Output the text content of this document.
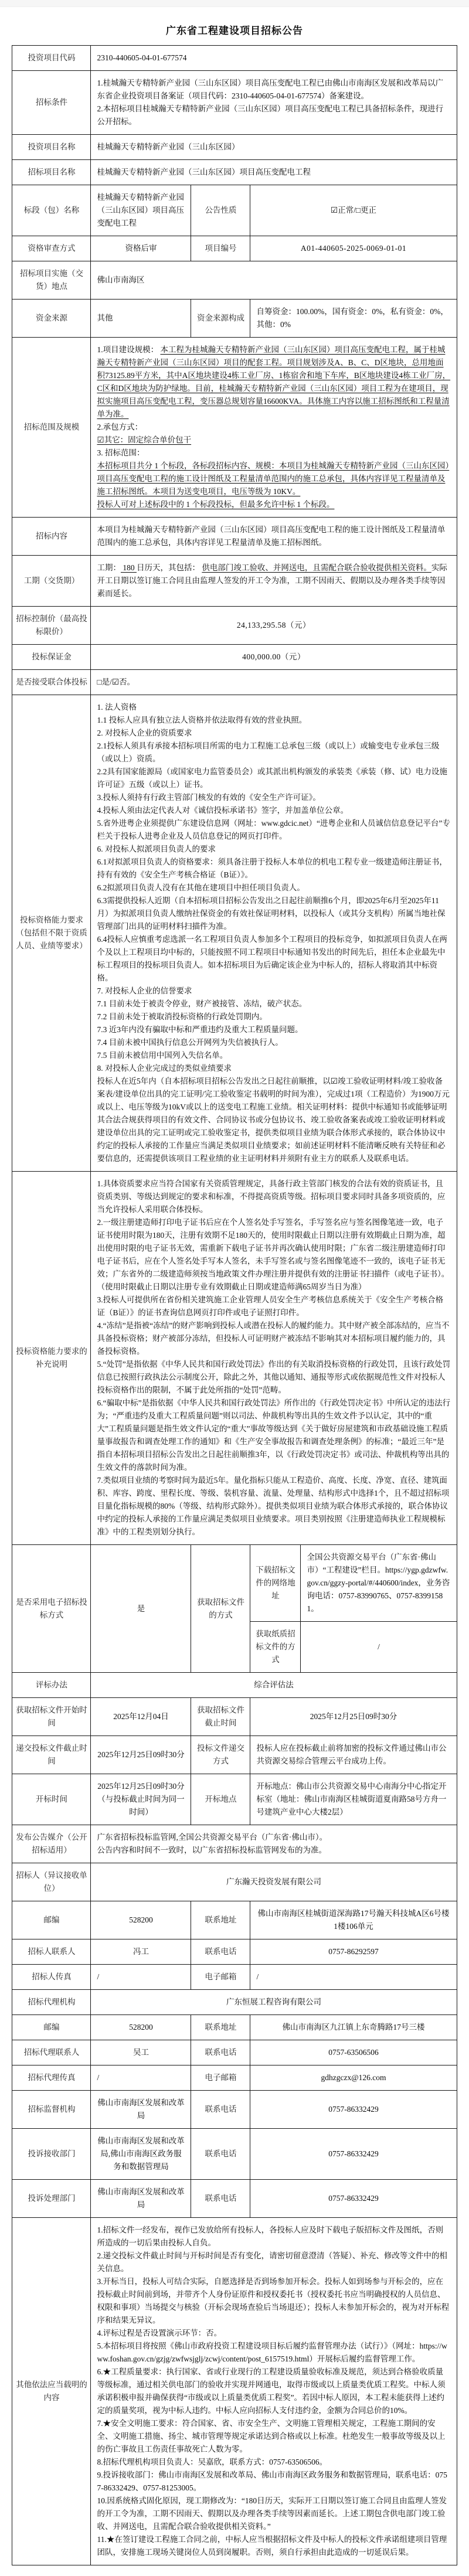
广东省工程建设项目招标公告
投资项目代码	2310-440605-04-01-677574			
招标条件	1.桂城瀚天专精特新产业园（三山东区园）项目高压变配电工程已由佛山市南海区发展和改革局以广东省企业投资项目备案证（项目代码：2310-440605-04-01-677574）备案建设。

2.本招标项目桂城瀚天专精特新产业园（三山东区园）项目高压变配电工程已具备招标条件，现进行公开招标。			

投资项目名称	桂城瀚天专精特新产业园（三山东区园）			
招标项目名称	桂城瀚天专精特新产业园（三山东区园）项目高压变配电工程			
标段（包）名称	桂城瀚天专精特新产业园（三山东区园）项目高压变配电工程	公告性质	☑正常/□更正	
资格审查方式	资格后审	项目编号	A01-440605-2025-0069-01-01	
招标项目实施（交货）地点	佛山市南海区			
资金来源	其他	资金来源构成	自筹资金：100.00%，国有资金：0%，私有资金：0%，其他：0%	
招标范围及规模	

1.项目建设规模： 本工程为桂城瀚天专精特新产业园（三山东区园）项目高压变配电工程，属于桂城瀚天专精特新产业园（三山东区园）项目的配套工程。项目规划涉及A、B、C、D区地块，总用地面积73125.89平方米，其中A区地块建设4栋工业厂房、1栋宿舍和地下车库，B区地块建设4栋工业厂房，C区和D区地块为防护绿地。目前，桂城瀚天专精特新产业园（三山东区园）项目工程为在建项目，现拟实施项目高压变配电工程，变压器总规划容量16600KVA。具体施工内容以施工招标图纸和工程量清单为准。

2.承包方式：

☑其它：固定综合单价包干

3. 招标范围：

本招标项目共分 1 个标段，各标段招标内容、规模：本项目为桂城瀚天专精特新产业园（三山东区园）项目高压变配电工程的施工设计图纸及工程量清单范围内的施工总承包，具体内容详见工程量清单及施工招标图纸。本项目为送变电项目，电压等级为 10KV。

投标人可对上述标段中的 1 个标段投标，但最多允许中标 1 个标段。

招标内容	本项目为桂城瀚天专精特新产业园（三山东区园）项目高压变配电工程的施工设计图纸及工程量清单范围内的施工总承包，具体内容详见工程量清单及施工招标图纸。			
工期（交货期）	工期： 180 日历天，其包括： 供电部门竣工验收、并网送电，且需配合联合验收提供相关资料。实际开工日期以签订施工合同且由监理人签发的开工令为准，工期不因雨天、假期以及办理各类手续等因素而延长。			

招标控制价（最高投标限价）	24,133,295.58（元）			
投标保证金	400,000.00（元）			
是否接受联合体投标	□是/☑否。			
投标资格能力要求（包括但不限于资质人员、业绩等要求）	

1. 法人资格

1.1 投标人应具有独立法人资格并依法取得有效的营业执照。

2. 对投标人企业的资质要求

2.1投标人须具有承接本招标项目所需的电力工程施工总承包三级（或以上）或输变电专业承包三级（或以上）资质。

2.2具有国家能源局（或国家电力监管委员会）或其派出机构颁发的承装类《承装（修、试）电力设施许可证》五级（或以上）证书。

3.投标人须持有行政主管部门核发的有效的《安全生产许可证》。

4.投标人须由法定代表人对《诚信投标承诺书》签字，并加盖单位公章。

5.省外进粤企业须提供广东建设信息网（网址：www.gdcic.net）“进粤企业和人员诚信信息登记平台”专栏关于投标人进粤企业及人员信息登记的网页打印件。

6. 对投标人拟派项目负责人的要求

6.1对拟派项目负责人的资格要求：须具备注册于投标人本单位的机电工程专业一级建造师注册证书，持有有效的《安全生产考核合格证（B证）》。

6.2拟派项目负责人没有在其他在建项目中担任项目负责人。

6.3需提供投标人近期（自本招标项目招标公告发出之日起往前顺推6个月，即2025年6月至2025年11月）为拟派项目负责人缴纳社保资金的有效社保证明材料，以投标人（或其分支机构）所属当地社保管理部门出具的证明材料扫描件为准。

6.4投标人应慎重考虑选派一名工程项目负责人参加多个工程项目的投标竞争，如拟派项目负责人在两个及以上工程项目均中标的，只能按照不同工程项目中标通知书发出的时间先后，担任本企业最先中标工程项目的投标项目负责人。如本招标项目为后确定该企业为中标人的，招标人将取消其中标资格。

7. 对投标人企业的信誉要求

7.1 目前未处于被责令停业，财产被接管、冻结，破产状态。

7.2 目前未处于被取消投标资格的行政处罚期内。

7.3 近3年内没有骗取中标和严重违约及重大工程质量问题。

7.4 目前未被中国执行信息公开网列为失信被执行人。

7.5 目前未被信用中国列入失信名单。

8. 对投标人企业完成过的类似业绩要求

投标人在近5年内（自本招标项目招标公告发出之日起往前顺推，以☑竣工验收证明材料/竣工验收备案表/建设单位出具的完工证明/完工验收鉴定书载明的时间为准），完成过1项（工程造价）为1900万元或以上、电压等级为10kV或以上的送变电工程施工业绩。相关证明材料：提供中标通知书或能够证明其合法合规获得项目的有效文件、合同协议书或分包协议书、竣工验收备案表或竣工验收证明材料或建设单位出具的完工证明或完工验收鉴定书，提供类似项目业绩为联合体形式承接的，联合体协议中约定的投标人承接的工作量应当满足类似项目业绩要求；如前述证明材料不能清晰反映有关特征和必要信息的，还需提供该项目工程业绩的业主证明材料并须附有业主方的联系人及联系电话。

投标资格能力要求的补充说明	

1.具体资质要求应当符合国家有关资质管理规定，具备行政主管部门核发的合法有效的资质证书，且资质类别、等级达到规定的要求和标准，不得提高资质等级。招标项目要求同时具备多项资质的，应当允许投标人采用联合体投标。

2.一级注册建造师打印电子证书后应在个人签名处手写签名，手写签名应与签名图像笔迹一致，电子证书使用时限为180天，注册有效期不足180天的，使用时限截止日期以注册有效期截止日期为准，超出使用时限的电子证书无效，需重新下载电子证书并再次确认使用时限；广东省二级注册建造师打印电子证书后，应在个人签名处手写本人签名，未手写签名或与签名图像笔迹不一致的，该电子证书无效；广东省外的二级建造师须按当地政策文件办理注册并提供有效的注册证书扫描件（或电子证书）。（使用时限截止日期以注册专业有效期截止日期或建造师满65周岁当日为准）

3.投标人可提供所在省份相关建筑施工企业管理人员安全生产考核信息系统关于《安全生产考核合格证（B证）》的证书查询信息网页打印件或电子证照打印件。

4.“冻结”是指被“冻结”的财产影响到投标人或潜在投标人的履约能力。其中财产被全部冻结的，应当不具备投标资格；财产被部分冻结，但投标人可证明财产被冻结不影响其对本招标项目履约能力的，具备投标资格。

5.“处罚”是指依据《中华人民共和国行政处罚法》作出的有关取消投标资格的行政处罚，且该行政处罚信息已按照行政执法公示制度公开，除此之外，其他以通知、通报等形式或依据规范性文件对投标人投标资格作出的限制，不属于此处所指的“处罚”范畴。

6.“骗取中标”是指依据《中华人民共和国行政处罚法》所作出的《行政处罚决定书》中所认定的违法行为；“严重违约及重大工程质量问题”则以司法、仲裁机构等出具的生效文件予以认定，其中的“重大”工程质量问题是指生效文件认定的“重大”事故等级达到《关于做好房屋建筑和市政基础设施工程质量事故报告和调查处理工作的通知》和《生产安全事故报告和调查处理条例》的标准；“最近三年”是指自本招标项目招标公告发出之日起往前顺推3年，以《行政处罚决定书》或司法、仲裁机构等出具的生效文件的落款时间为准。

7.类似项目业绩的考察时间为最近5年。量化指标只能从工程造价、高度、长度、净宽、直径、建筑面积、库容、跨度、里程长度、等级、装机容量、流量、处理量、结构形式中选择1个，且不超过招标项目量化指标规模的80%（等级、结构形式除外）。提供类似项目业绩为联合体形式承接的，联合体协议中约定的投标人承接的工作量应满足类似项目业绩要求。项目类别按照《注册建造师执业工程规模标准》中的工程类别划分执行。

是否采用电子招标投标方式	是	获取招标文件的方式	下载招标文件的网络地址	全国公共资源交易平台（广东省·佛山市）“工程建设”栏目。https://ygp.gdzwfw.gov.cn/ggzy-portal/#/440600/index，业务咨询电话：0757-83990765、0757-83991581。
			获取纸质招标文件的方式	/
评标办法	综合评估法			
获取招标文件开始时间	2025年12月04日	获取招标文件截止时间	2025年12月25日09时30分	
递交投标文件截止时间	2025年12月25日09时30分	投标文件递交方式	投标人应在投标截止前将加密的投标文件通过佛山市公共资源交易综合管理云平台成功上传。	
开标时间	2025年12月25日09时30分（与投标截止时间为同一时间）	开标地点	开标地点：佛山市公共资源交易中心南海分中心指定开标室（地址：佛山市南海区桂城街道夏南路58号方舟一号建筑产业中心大楼2层）	
发布公告媒介（公开招标适用）	广东省招标投标监管网,全国公共资源交易平台（广东省·佛山市）。

公告内容和时间不一致时，以广东省招标投标监管网发布的为准。			

招标人（异议接收单位）	广东瀚天投资发展有限公司			
邮编	528200	联系地址	佛山市南海区桂城街道深海路17号瀚天科技城A区6号楼1楼106单元	
招标人联系人	冯工	联系电话	0757-86292597	
招标人传真	/	电子邮箱	/	
招标代理机构	广东恒展工程咨询有限公司			
邮编	528200	联系地址	佛山市南海区九江镇上东奇腾路17号三楼	
招标代理联系人	吴工	联系电话	0757-63506506	
招标代理传真	/	电子邮箱	gdhzgczx@126.com	
招标监督机构	佛山市南海区发展和改革局	联系电话	0757-86332429	
投诉接收部门	佛山市南海区发展和改革局,佛山市南海区政务服务和数据管理局	联系电话	0757-86332429	
投诉处理部门	佛山市南海区发展和改革局	联系电话	0757-86332429	
其他依法应当载明的内容	

1.招标文件一经发布，视作已发放给所有投标人，各投标人应及时下载电子版招标文件及图纸，否则所造成的一切后果由投标人自负。

2.递交投标文件截止时间与开标时间是否有变化，请密切留意澄清（答疑）、补充、修改等文件中的相关信息。

3.开标当日，投标人可结合实际，自愿选择是否到场参加开标会。投标人如到场参与开标会的，应在投标截止时间前到场，并带齐个人身份证原件和授权委托书（授权委托书应当明确授权的人员信息、权限和事项）当场提交与核验（开标会现场查验后当场退还）；投标人未参加开标会的，视为对开标程序和结果无异议。

4.评标过程是否设置演示环节：否。

5.本招标项目将按照《佛山市政府投资工程建设项目标后履约监督管理办法（试行）》（网址：https://www.foshan.gov.cn/gzjg/zwfwsjglj/zcwj/content/post_6157519.html）开展标后履约监督管理工作。

6.★工程质量要求：执行国家、省或行业现行的工程建设质量验收标准及规范，须达到合格验收质量等级标准，通过相关供电部门的验收并实现并网通电，取得市级或以上质量类优质工程奖。中标人须承诺积极申报并确保获得“市级或以上质量类优质工程奖”。若因中标人原因，本工程未能获得上述约定的质量奖项，视为中标人违约。中标人应向招标人支付违约金，金额为合同总价的10%。

7.★安全文明施工要求：符合国家、省、市安全生产、文明施工管理相关规定，工程施工期间的安全、文明施工措施、扬尘、城市管理等规定承诺达到合格或以上标准。杜绝发生一般事故等级及以上的伤亡事故且工伤责任事故死亡人数为零。

8.招标代理机构项目负责人：吴嘉欣，联系方式：0757-63506506。

9.投诉接收部门：佛山市南海区发展和改革局、佛山市南海区政务服务和数据管理局，联系电话：0757-86332429、0757-81253005。

10.因系统格式固化原因，现工期修改为：“180日历天，实际开工日期以签订施工合同且由监理人签发的开工令为准，工期不因雨天、假期以及办理各类手续等因素而延长。上述工期包含供电部门竣工验收、并网送电，且需配合联合验收提供相关资料。”

11.★在签订建设工程施工合同之前，中标人应当根据招标文件及中标人的投标文件承诺组建项目管理团队，安排施工现场关键岗位人员到岗履职。否则，须自行承担由此造成的一切延误后果。
